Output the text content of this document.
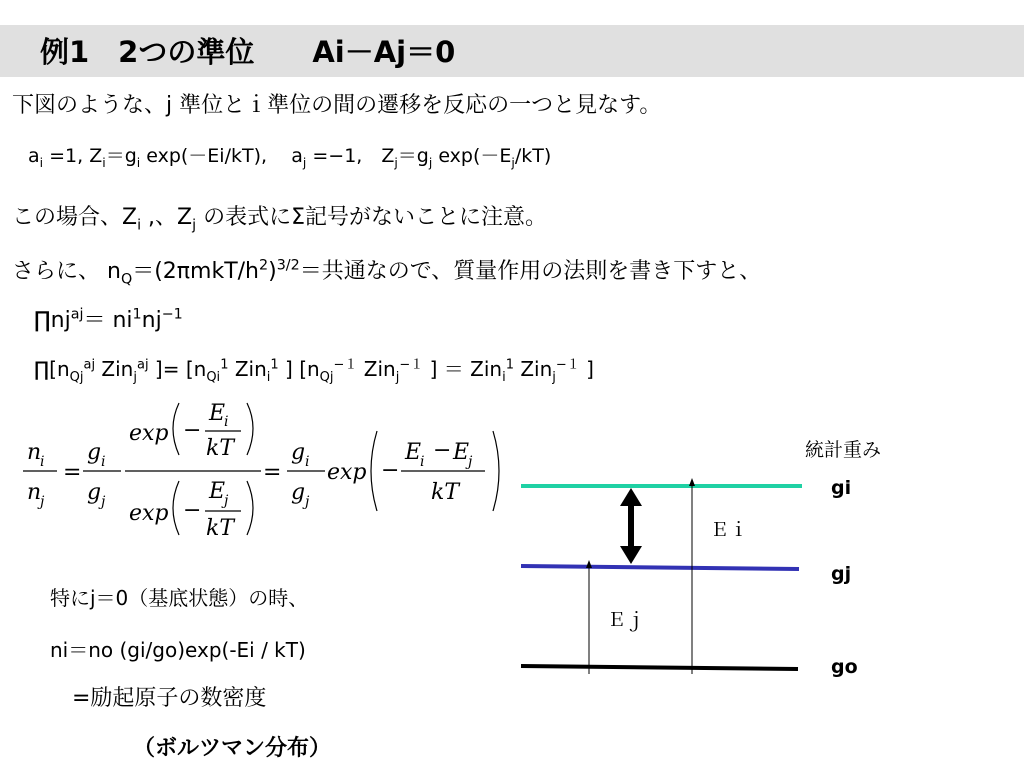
例1　2つの準位　　Ai－Aj＝0
下図のような、j 準位とｉ準位の間の遷移を反応の一つと見なす。
$a_i =1$, $Z_i=g_i$ exp(－Ei/kT), $a_j =-1$,　$Z_j=g_j$ $\exp(-E_j/kT)$
この場合、$Z_i$ ,、$Z_j$ の表式にΣ記号がないことに注意。
さらに、 $n_Q=(2\pi mkT/h^2)^{3/2}=$共通なので、質量作用の法則を書き下すと、
$\prod nj^{aj}= ni^1nj^{-1}$
$\prod[n_{Qj}^{aj}$ Zin$_j^{aj}$ ]= [$n_{Qi}^1$ Zin$_i^1$ ] [$n_{Qj}^{-1}$ Zin$_j^{-1}$ ] ＝ Zin$_i^1$ Zin$_j^{-1}$ ]
n
i
n
j
=
g i
g j
exp −
E
i
kT
exp −
E
j
kT
=
g i
g j
exp −
E
i − E
j
kT
特にj＝0（基底状態）の時、
ni＝no (gi/go)exp(-Ei / kT)
=励起原子の数密度
（ボルツマン分布）
統計重み
Ｅｉ
Ｅｊ
gi
gj
go
